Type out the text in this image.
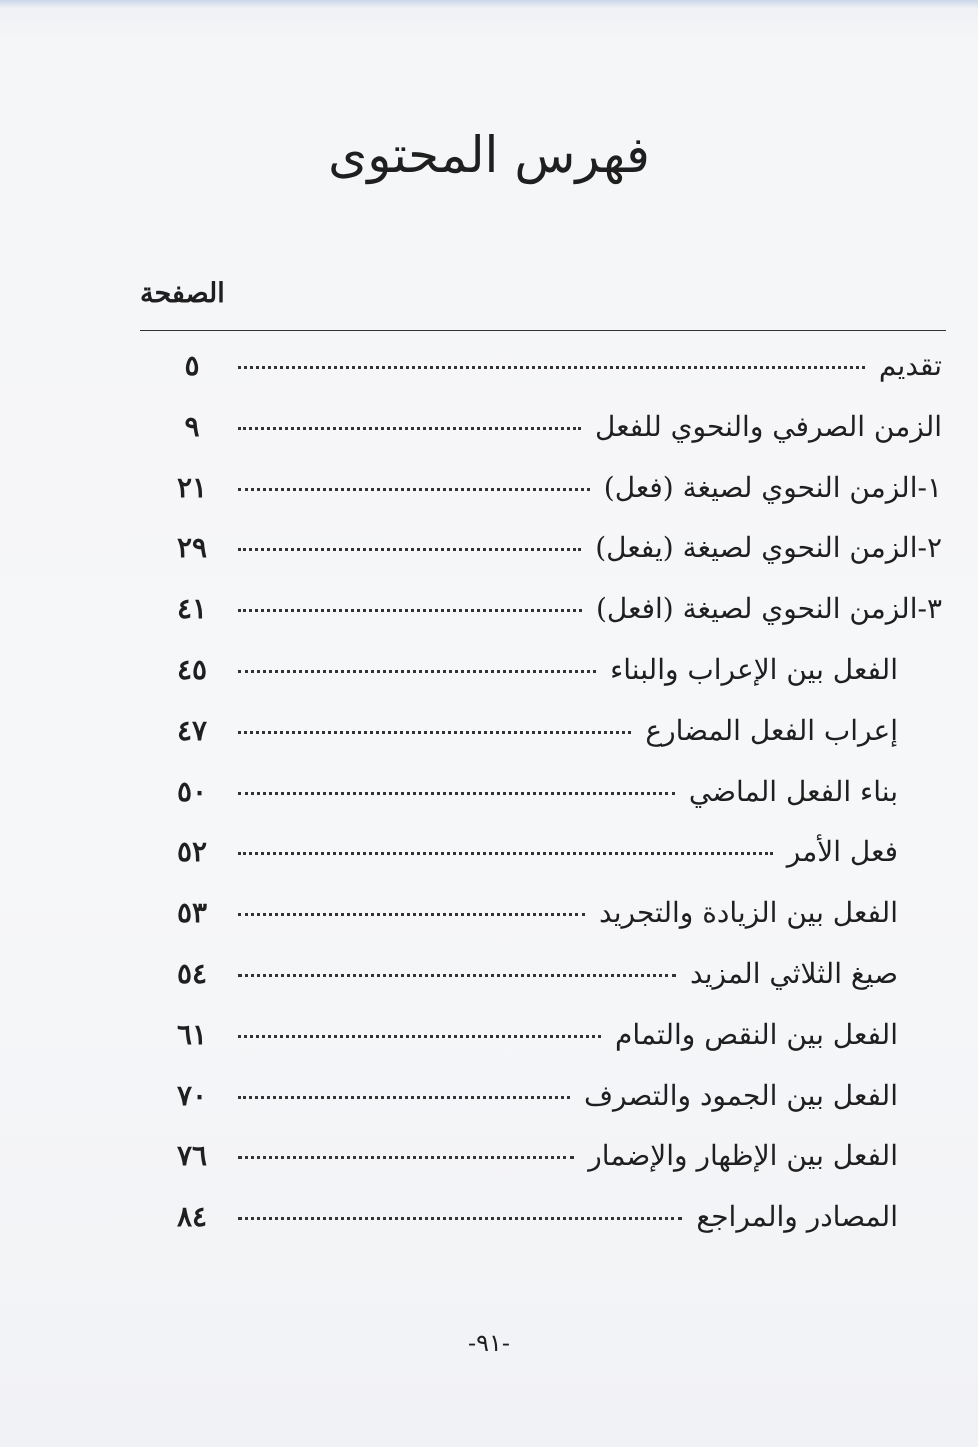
فهرس المحتوى
الصفحة
تقديم
٥
الزمن الصرفي والنحوي للفعل
٩
١-الزمن النحوي لصيغة (فعل)
٢١
٢-الزمن النحوي لصيغة (يفعل)
٢٩
٣-الزمن النحوي لصيغة (افعل)
٤١
الفعل بين الإعراب والبناء
٤٥
إعراب الفعل المضارع
٤٧
بناء الفعل الماضي
٥٠
فعل الأمر
٥٢
الفعل بين الزيادة والتجريد
٥٣
صيغ الثلاثي المزيد
٥٤
الفعل بين النقص والتمام
٦١
الفعل بين الجمود والتصرف
٧٠
الفعل بين الإظهار والإضمار
٧٦
المصادر والمراجع
٨٤
-٩١-
